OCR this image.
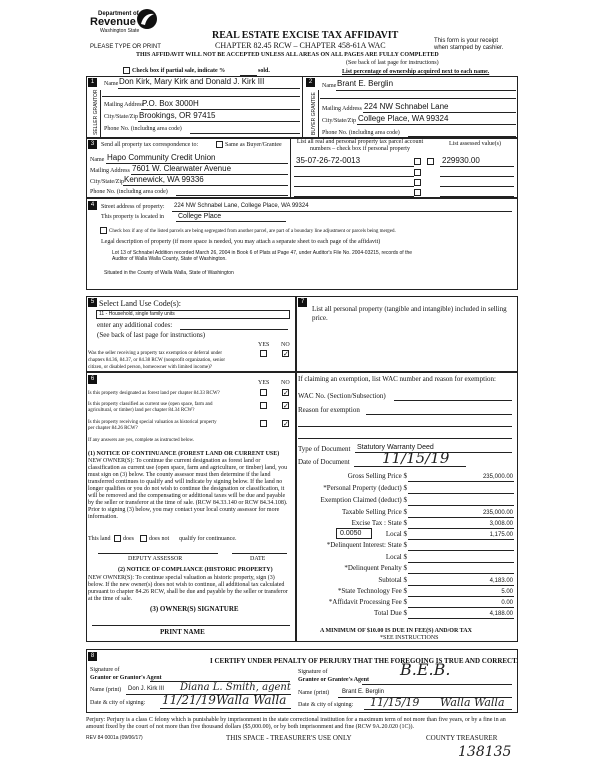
Department of
Revenue
Washington State
PLEASE TYPE OR PRINT
REAL ESTATE EXCISE TAX AFFIDAVIT
CHAPTER 82.45 RCW – CHAPTER 458-61A WAC
THIS AFFIDAVIT WILL NOT BE ACCEPTED UNLESS ALL AREAS ON ALL PAGES ARE FULLY COMPLETED
(See back of last page for instructions)
This form is your receipt when stamped by cashier.
Check box if partial sale, indicate %	sold.	List percentage of ownership acquired next to each name.
1	2
SELLER GRANTOR	BUYER GRANTEE
Name Don Kirk, Mary Kirk and Donald J. Kirk III
Mailing Address
P.O. Box 3000H
City/State/Zip Brookings, OR 97415
Phone No. (including area code)
Name Brant E. Berglin
Mailing Address 224 NW Schnabel Lane
City/State/Zip College Place, WA 99324
Phone No. (including area code)
3	Send all property tax correspondence to:	Same as Buyer/Grantee
Name Hapo Community Credit Union
Mailing Address 7601 W. Clearwater Avenue
City/State/Zip Kennewick, WA 99336
Phone No. (including area code)
List all real and personal property tax parcel account numbers – check box if personal property
List assessed value(s)
35-07-26-72-0013	229930.00
4	Street address of property: 224 NW Schnabel Lane, College Place, WA 99324
This property is located in College Place
Check box if any of the listed parcels are being segregated from another parcel, are part of a boundary line adjustment or parcels being merged.
Legal description of property (if more space is needed, you may attach a separate sheet to each page of the affidavit)
Lot 13 of Schnabel Addition recorded March 26, 2004 in Book 6 of Plats at Page 47, under Auditor's File No. 2004-03215, records of the
Auditor of Walla Walla County, State of Washington.
Situated in the County of Walla Walla, State of Washington
5 Select Land Use Code(s):
11 - Household, single family units
enter any additional codes:
(See back of last page for instructions)
YES NO
Was the seller receiving a property tax exemption or deferral under
chapters 84.36, 84.37, or 84.38 RCW (nonprofit organization, senior
citizen, or disabled person, homeowner with limited income)?
✓
7
List all personal property (tangible and intangible) included in selling
price.
6
YES NO
Is this property designated as forest land per chapter 84.33 RCW?	✓
Is this property classified as current use (open space, farm and
agricultural, or timber) land per chapter 84.34 RCW?
✓
Is this property receiving special valuation as historical property
per chapter 84.26 RCW?
✓
If any answers are yes, complete as instructed below.
(1) NOTICE OF CONTINUANCE (FOREST LAND OR CURRENT USE)
NEW OWNER(S): To continue the current designation as forest land or classification as current use (open space, farm and agriculture, or timber) land, you must sign on (3) below. The county assessor must then determine if the land transferred continues to qualify and will indicate by signing below. If the land no longer qualifies or you do not wish to continue the designation or classification, it will be removed and the compensating or additional taxes will be due and payable by the seller or transferor at the time of sale. (RCW 84.33.140 or RCW 84.34.108). Prior to signing (3) below, you may contact your local county assessor for more information.
This land does	does not qualify for continuance.
DEPUTY ASSESSOR	DATE
(2) NOTICE OF COMPLIANCE (HISTORIC PROPERTY)
NEW OWNER(S): To continue special valuation as historic property, sign (3) below. If the new owner(s) does not wish to continue, all additional tax calculated pursuant to chapter 84.26 RCW, shall be due and payable by the seller or transferor at the time of sale.
(3) OWNER(S) SIGNATURE
PRINT NAME
If claiming an exemption, list WAC number and reason for exemption:
WAC No. (Section/Subsection)
Reason for exemption
Type of Document Statutory Warranty Deed
Date of Document 11/15/19
Gross Selling Price $	235,000.00
*Personal Property (deduct) $
Exemption Claimed (deduct) $
Taxable Selling Price $	235,000.00
Excise Tax : State $	3,008.00
0.0050	Local $	1,175.00
*Delinquent Interest: State $
Local $
*Delinquent Penalty $
Subtotal $	4,183.00
*State Technology Fee $	5.00
*Affidavit Processing Fee $	0.00
Total Due $	4,188.00
A MINIMUM OF $10.00 IS DUE IN FEE(S) AND/OR TAX
*SEE INSTRUCTIONS
8
I CERTIFY UNDER PENALTY OF PERJURY THAT THE FOREGOING IS TRUE AND CORRECT.
Signature of
Grantor or Grantor's Agent
Name (print) Don J. Kirk III Diana L. Smith, agent
Date & city of signing: 11/21/19 Walla Walla
Signature of
Grantee or Grantee's Agent
B.E.B.
Name (print) Brant E. Berglin
Date & city of signing: 11/15/19 Walla Walla
Perjury: Perjury is a class C felony which is punishable by imprisonment in the state correctional institution for a maximum term of not more than five years, or by a fine in an amount fixed by the court of not more than five thousand dollars ($5,000.00), or by both imprisonment and fine (RCW 9A.20.020 (1C)).
REV 84 0001a (09/06/17)	THIS SPACE - TREASURER'S USE ONLY	COUNTY TREASURER
138135
